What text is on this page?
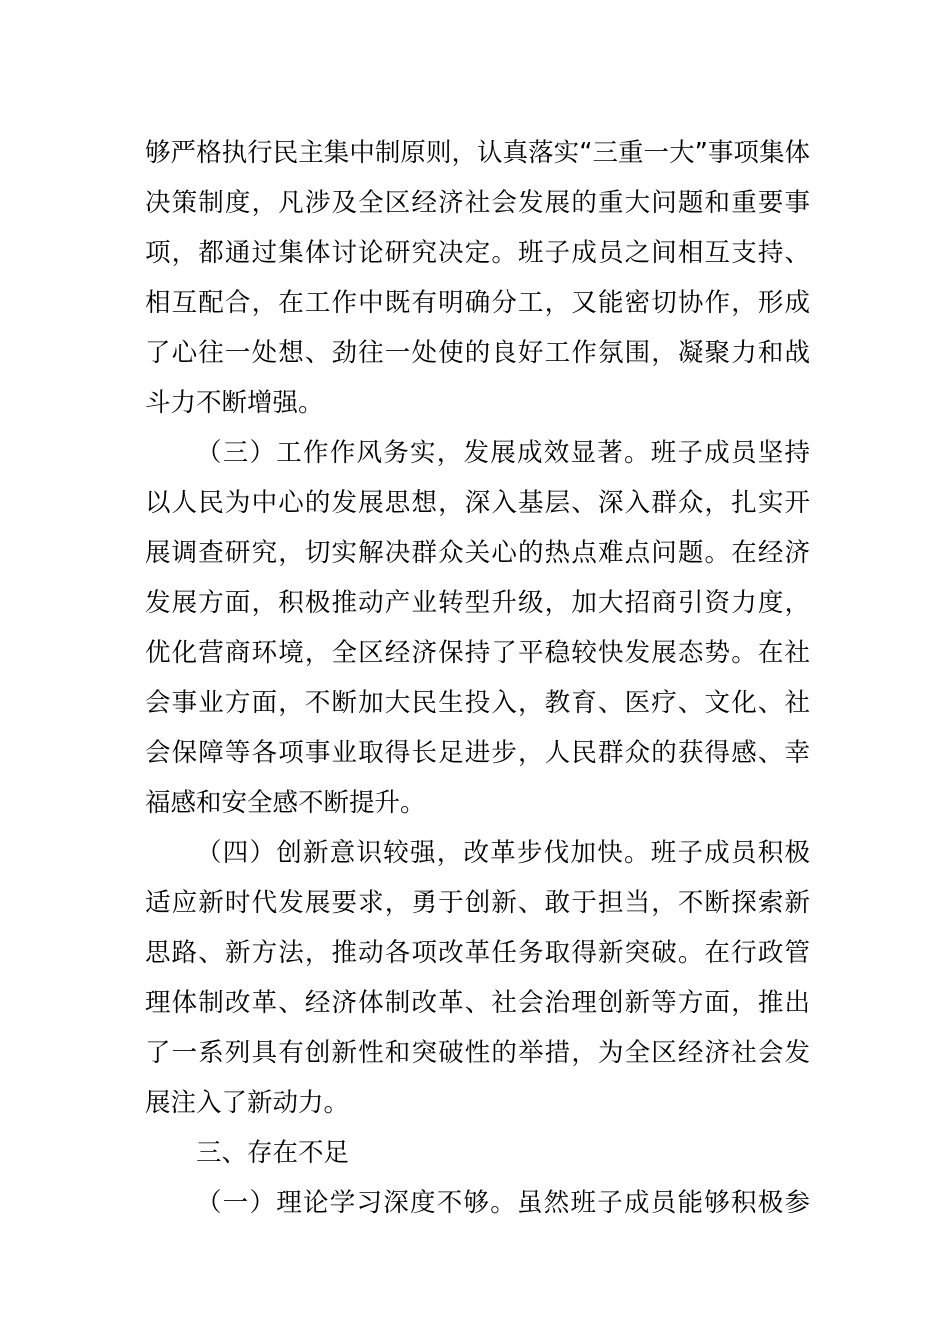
够严格执行民主集中制原则，认真落实“三重一大”事项集体
决策制度，凡涉及全区经济社会发展的重大问题和重要事
项，都通过集体讨论研究决定。班子成员之间相互支持、
相互配合，在工作中既有明确分工，又能密切协作，形成
了心往一处想、劲往一处使的良好工作氛围，凝聚力和战
斗力不断增强。
（三）工作作风务实，发展成效显著。班子成员坚持
以人民为中心的发展思想，深入基层、深入群众，扎实开
展调查研究，切实解决群众关心的热点难点问题。在经济
发展方面，积极推动产业转型升级，加大招商引资力度，
优化营商环境，全区经济保持了平稳较快发展态势。在社
会事业方面，不断加大民生投入，教育、医疗、文化、社
会保障等各项事业取得长足进步，人民群众的获得感、幸
福感和安全感不断提升。
（四）创新意识较强，改革步伐加快。班子成员积极
适应新时代发展要求，勇于创新、敢于担当，不断探索新
思路、新方法，推动各项改革任务取得新突破。在行政管
理体制改革、经济体制改革、社会治理创新等方面，推出
了一系列具有创新性和突破性的举措，为全区经济社会发
展注入了新动力。
三、存在不足
（一）理论学习深度不够。虽然班子成员能够积极参
